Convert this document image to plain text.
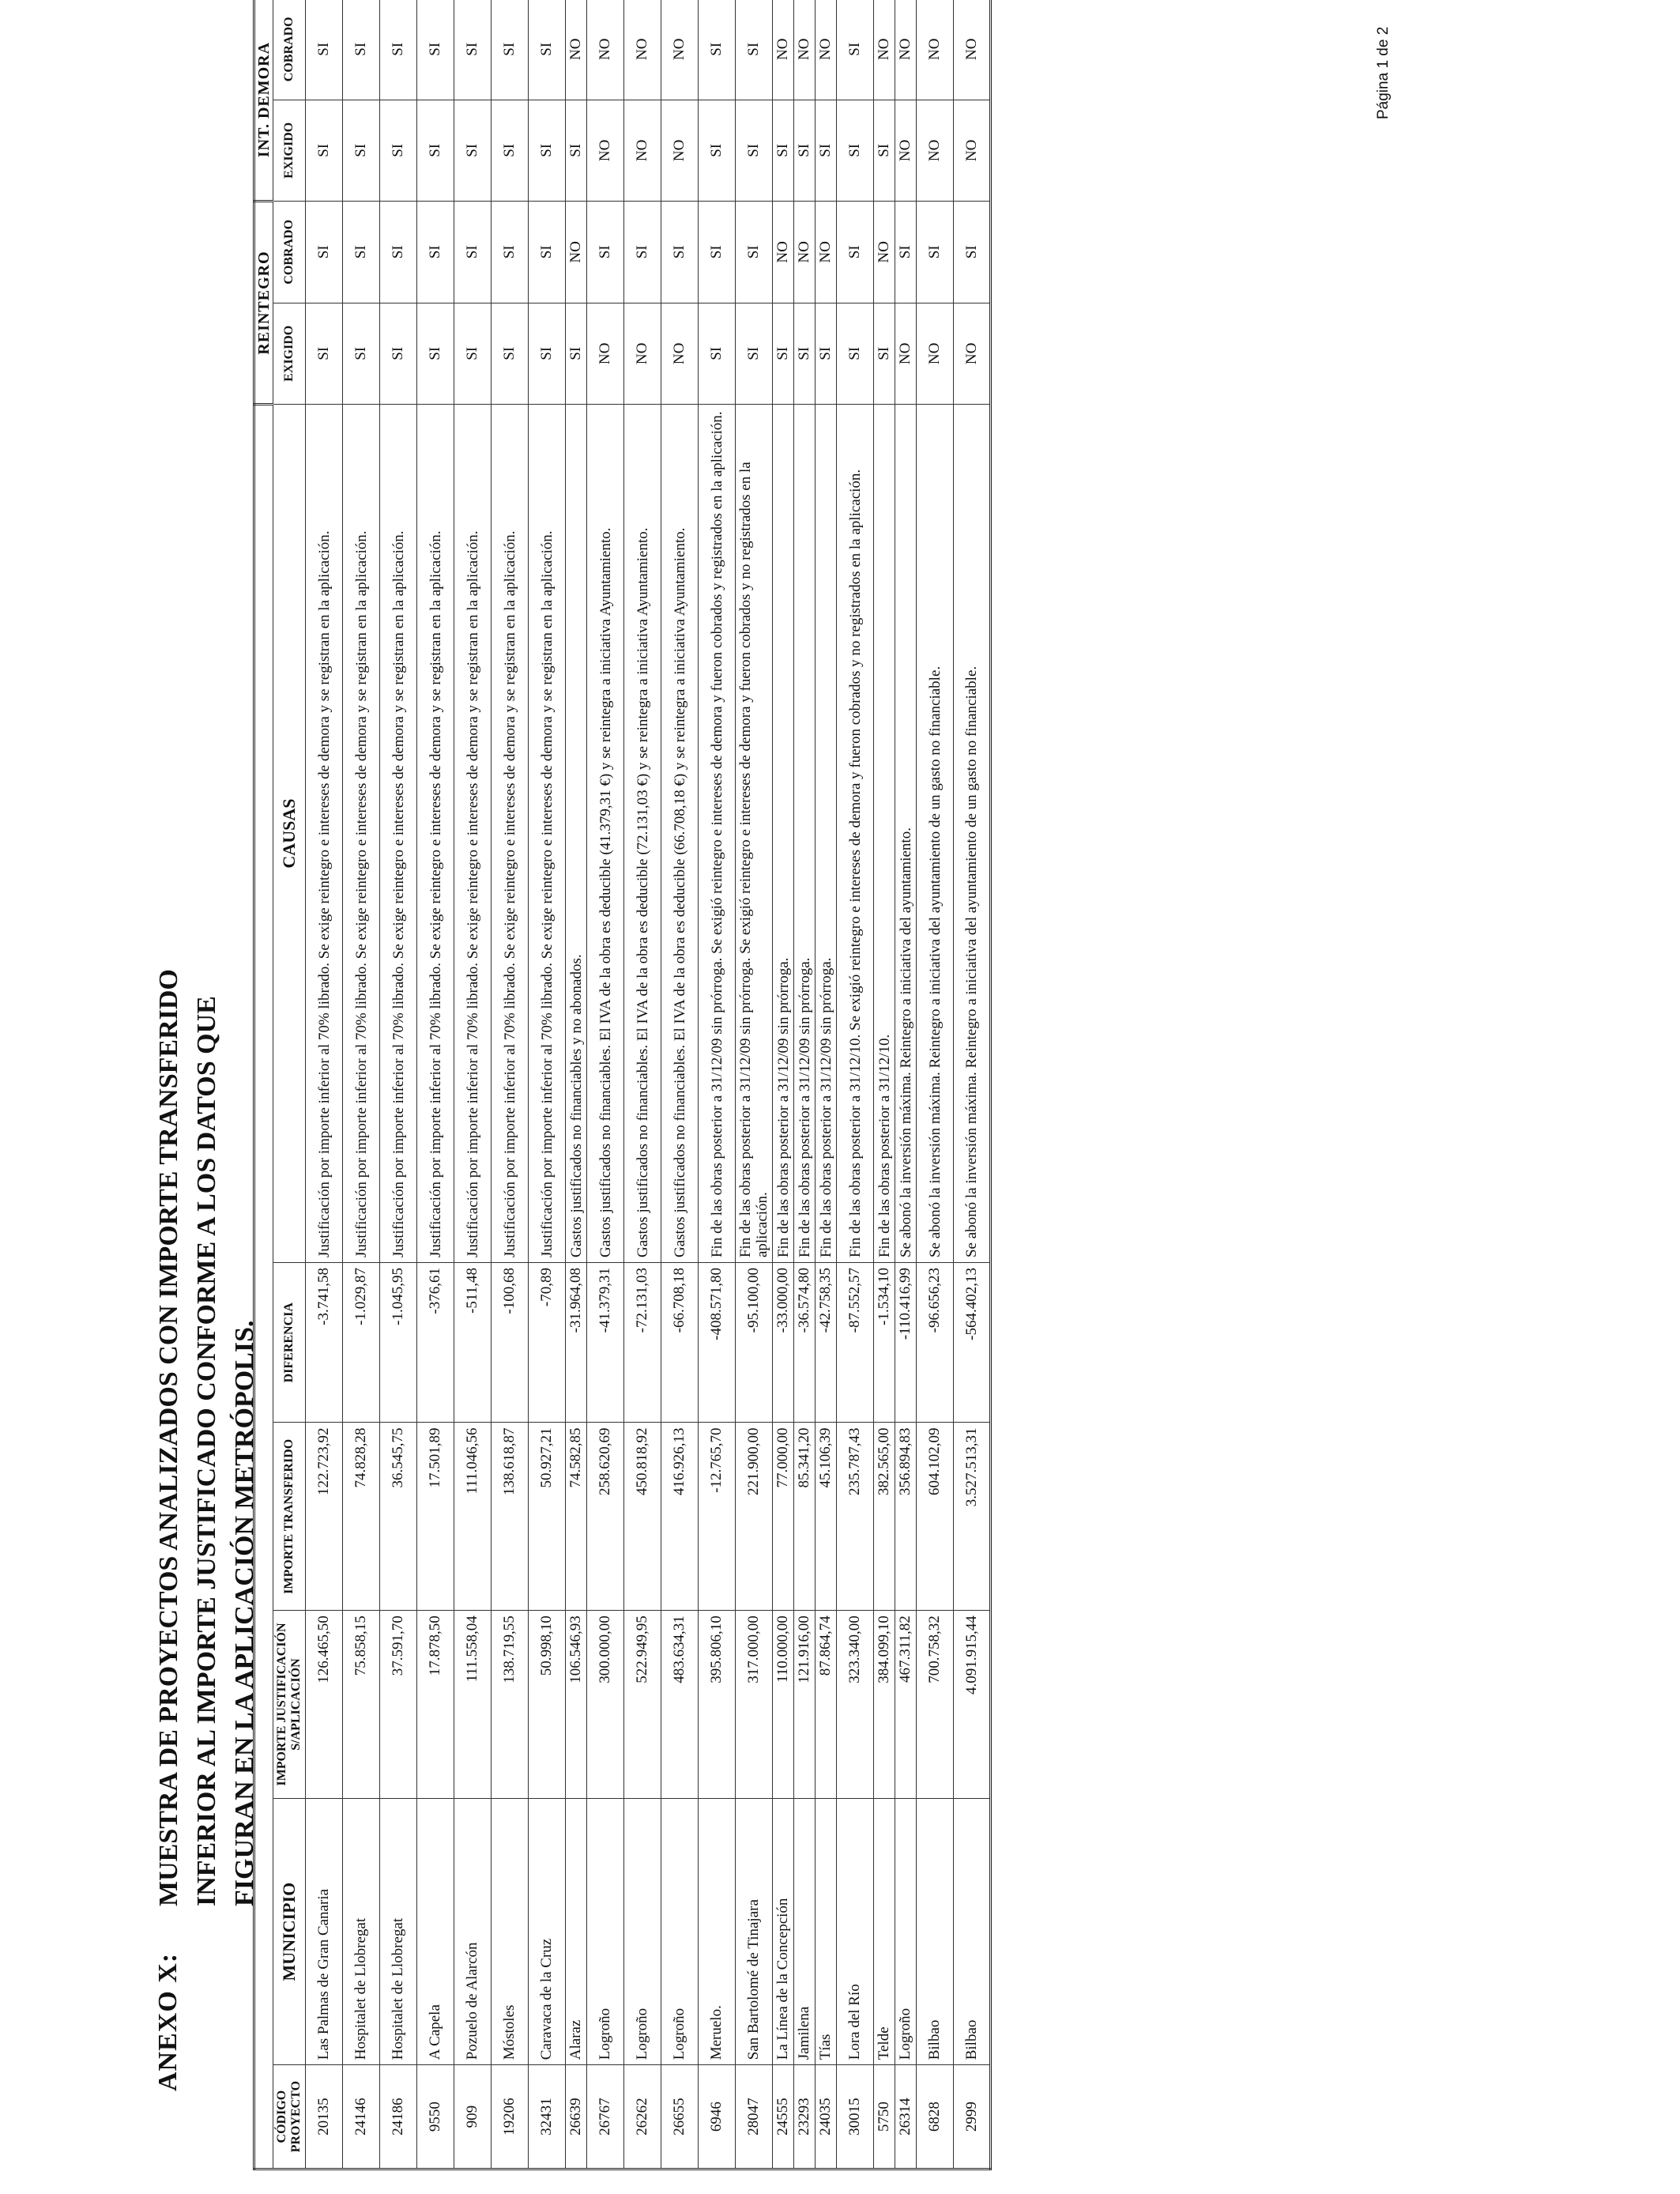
ANEXO X:
MUESTRA DE PROYECTOS ANALIZADOS CON IMPORTE TRANSFERIDO INFERIOR AL IMPORTE JUSTIFICADO CONFORME A LOS DATOS QUE FIGURAN EN LA APLICACIÓN METRÓPOLIS.
						REINTEGRO		INT. DEMORA	
CÓDIGO PROYECTO	MUNICIPIO	IMPORTE JUSTIFICACIÓN S/APLICACIÓN	IMPORTE TRANSFERIDO	DIFERENCIA	CAUSAS	EXIGIDO	COBRADO	EXIGIDO	COBRADO
20135	Las Palmas de Gran Canaria	126.465,50	122.723,92	-3.741,58	Justificación por importe inferior al 70% librado. Se exige reintegro e intereses de demora y se registran en la aplicación.	SI	SI	SI	SI
24146	Hospitalet de Llobregat	75.858,15	74.828,28	-1.029,87	Justificación por importe inferior al 70% librado. Se exige reintegro e intereses de demora y se registran en la aplicación.	SI	SI	SI	SI
24186	Hospitalet de Llobregat	37.591,70	36.545,75	-1.045,95	Justificación por importe inferior al 70% librado. Se exige reintegro e intereses de demora y se registran en la aplicación.	SI	SI	SI	SI
9550	A Capela	17.878,50	17.501,89	-376,61	Justificación por importe inferior al 70% librado. Se exige reintegro e intereses de demora y se registran en la aplicación.	SI	SI	SI	SI
909	Pozuelo de Alarcón	111.558,04	111.046,56	-511,48	Justificación por importe inferior al 70% librado. Se exige reintegro e intereses de demora y se registran en la aplicación.	SI	SI	SI	SI
19206	Móstoles	138.719,55	138.618,87	-100,68	Justificación por importe inferior al 70% librado. Se exige reintegro e intereses de demora y se registran en la aplicación.	SI	SI	SI	SI
32431	Caravaca de la Cruz	50.998,10	50.927,21	-70,89	Justificación por importe inferior al 70% librado. Se exige reintegro e intereses de demora y se registran en la aplicación.	SI	SI	SI	SI
26639	Alaraz	106.546,93	74.582,85	-31.964,08	Gastos justificados no financiables y no abonados.	SI	NO	SI	NO
26767	Logroño	300.000,00	258.620,69	-41.379,31	Gastos justificados no financiables. El IVA de la obra es deducible (41.379,31 €) y se reintegra a iniciativa Ayuntamiento.	NO	SI	NO	NO
26262	Logroño	522.949,95	450.818,92	-72.131,03	Gastos justificados no financiables. El IVA de la obra es deducible (72.131,03 €) y se reintegra a iniciativa Ayuntamiento.	NO	SI	NO	NO
26655	Logroño	483.634,31	416.926,13	-66.708,18	Gastos justificados no financiables. El IVA de la obra es deducible (66.708,18 €) y se reintegra a iniciativa Ayuntamiento.	NO	SI	NO	NO
6946	Meruelo.	395.806,10	-12.765,70	-408.571,80	Fin de las obras posterior a 31/12/09 sin prórroga. Se exigió reintegro e intereses de demora y fueron cobrados y registrados en la aplicación.	SI	SI	SI	SI
28047	San Bartolomé de Tinajara	317.000,00	221.900,00	-95.100,00	Fin de las obras posterior a 31/12/09 sin prórroga. Se exigió reintegro e intereses de demora y fueron cobrados y no registrados en la aplicación.	SI	SI	SI	SI
24555	La Línea de la Concepción	110.000,00	77.000,00	-33.000,00	Fin de las obras posterior a 31/12/09 sin prórroga.	SI	NO	SI	NO
23293	Jamilena	121.916,00	85.341,20	-36.574,80	Fin de las obras posterior a 31/12/09 sin prórroga.	SI	NO	SI	NO
24035	Tías	87.864,74	45.106,39	-42.758,35	Fin de las obras posterior a 31/12/09 sin prórroga.	SI	NO	SI	NO
30015	Lora del Río	323.340,00	235.787,43	-87.552,57	Fin de las obras posterior a 31/12/10. Se exigió reintegro e intereses de demora y fueron cobrados y no registrados en la aplicación.	SI	SI	SI	SI
5750	Telde	384.099,10	382.565,00	-1.534,10	Fin de las obras posterior a 31/12/10.	SI	NO	SI	NO
26314	Logroño	467.311,82	356.894,83	-110.416,99	Se abonó la inversión máxima. Reintegro a iniciativa del ayuntamiento.	NO	SI	NO	NO
6828	Bilbao	700.758,32	604.102,09	-96.656,23	Se abonó la inversión máxima. Reintegro a iniciativa del ayuntamiento de un gasto no financiable.	NO	SI	NO	NO
2999	Bilbao	4.091.915,44	3.527.513,31	-564.402,13	Se abonó la inversión máxima. Reintegro a iniciativa del ayuntamiento de un gasto no financiable.	NO	SI	NO	NO	Página 1 de 2
